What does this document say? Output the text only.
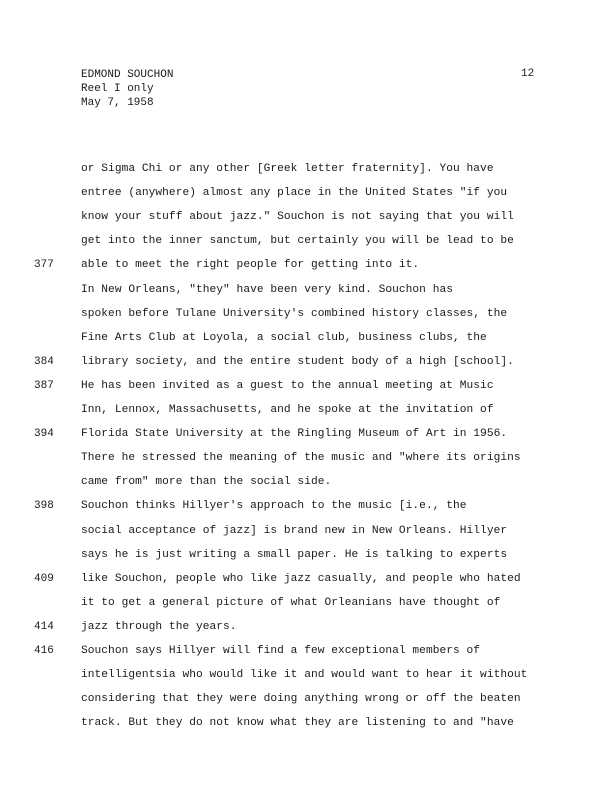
EDMOND SOUCHON
Reel I only
May 7, 1958
12
or Sigma Chi or any other [Greek letter fraternity]. You have
entree (anywhere) almost any place in the United States "if you
know your stuff about jazz." Souchon is not saying that you will
get into the inner sanctum, but certainly you will be lead to be
able to meet the right people for getting into it.
In New Orleans, "they" have been very kind. Souchon has
spoken before Tulane University's combined history classes, the
Fine Arts Club at Loyola, a social club, business clubs, the
library society, and the entire student body of a high [school].
He has been invited as a guest to the annual meeting at Music
Inn, Lennox, Massachusetts, and he spoke at the invitation of
Florida State University at the Ringling Museum of Art in 1956.
There he stressed the meaning of the music and "where its origins
came from" more than the social side.
Souchon thinks Hillyer's approach to the music [i.e., the
social acceptance of jazz] is brand new in New Orleans. Hillyer
says he is just writing a small paper. He is talking to experts
like Souchon, people who like jazz casually, and people who hated
it to get a general picture of what Orleanians have thought of
jazz through the years.
Souchon says Hillyer will find a few exceptional members of
intelligentsia who would like it and would want to hear it without
considering that they were doing anything wrong or off the beaten
track. But they do not know what they are listening to and "have
377
384
387
394
398
409
414
416
